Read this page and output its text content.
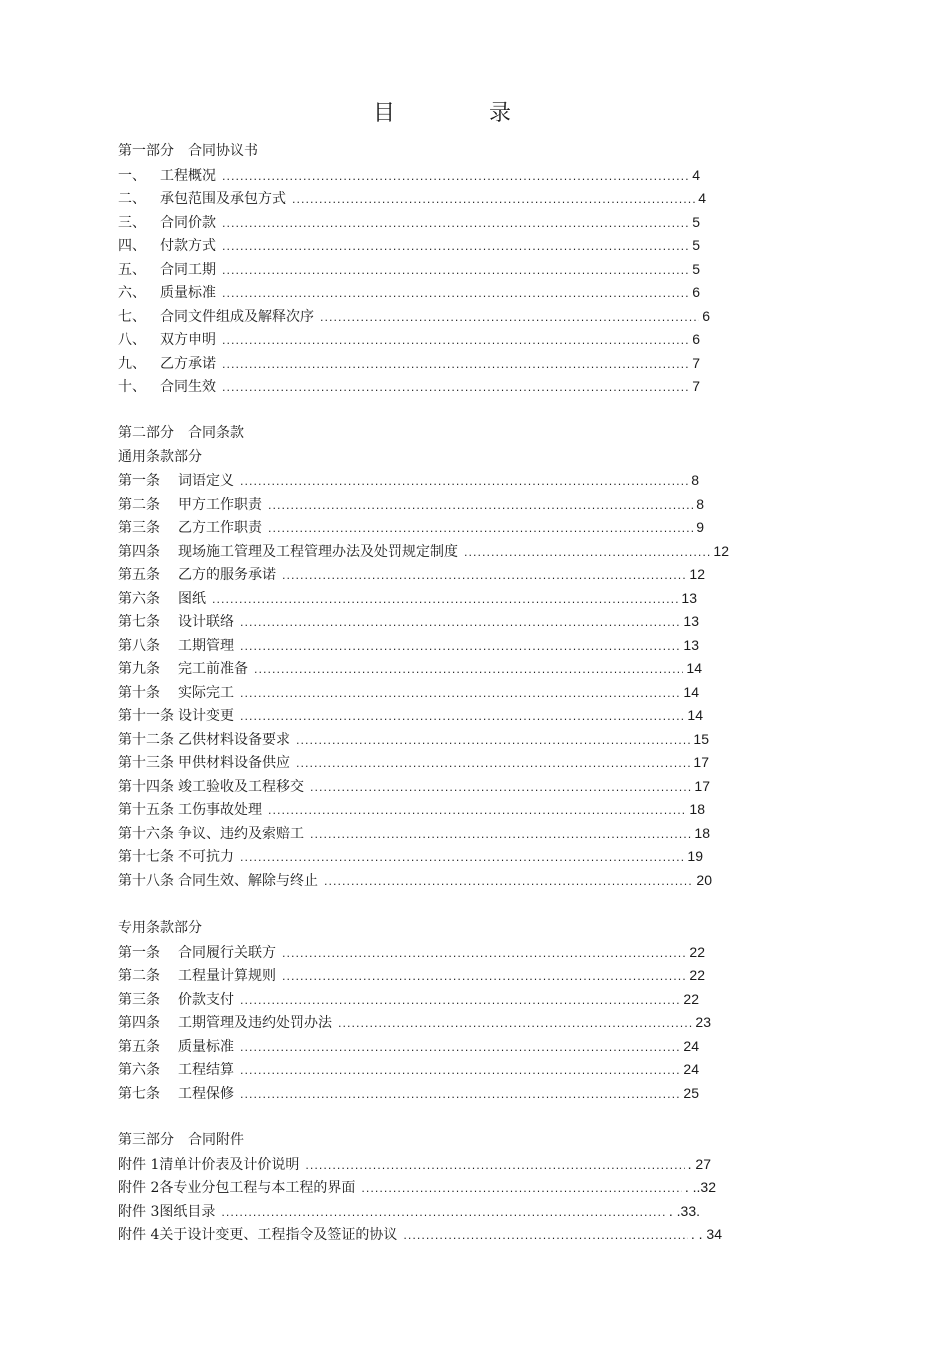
目　录
第一部分　合同协议书
一、	工程概况 .....	4
二、	承包范围及承包方式 .....	4
三、	合同价款 .....	5
四、	付款方式 .....	5
五、	合同工期 .....	5
六、	质量标准 .....	6
七、	合同文件组成及解释次序 .....	6
八、	双方申明 .....	6
九、	乙方承诺 .....	7
十、	合同生效 .....	7
第二部分　合同条款
通用条款部分
第一条	词语定义 .....	8
第二条	甲方工作职责 .....	8
第三条	乙方工作职责 .....	9
第四条	现场施工管理及工程管理办法及处罚规定制度 .....	12
第五条	乙方的服务承诺 .....	12
第六条	图纸 .....	13
第七条	设计联络 .....	13
第八条	工期管理 .....	13
第九条	完工前准备 .....	14
第十条	实际完工 .....	14
第十一条 设计变更 .....	14
第十二条 乙供材料设备要求 .....	15
第十三条 甲供材料设备供应 .....	17
第十四条 竣工验收及工程移交 .....	17
第十五条 工伤事故处理 .....	18
第十六条 争议、违约及索赔工 .....	18
第十七条 不可抗力 .....	19
第十八条 合同生效、解除与终止 .....	20
专用条款部分
第一条	合同履行关联方 .....	22
第二条	工程量计算规则 .....	22
第三条	价款支付 .....	22
第四条	工期管理及违约处罚办法 .....	23
第五条	质量标准 .....	24
第六条	工程结算 .....	24
第七条	工程保修 .....	25
第三部分　合同附件
附件 1 清单计价表及计价说明 .....	. 27
附件 2 各专业分包工程与本工程的界面 .....	. ..32
附件 3 图纸目录 .....	. .33.
附件 4 关于设计变更、工程指令及签证的协议 .....	. . 34
